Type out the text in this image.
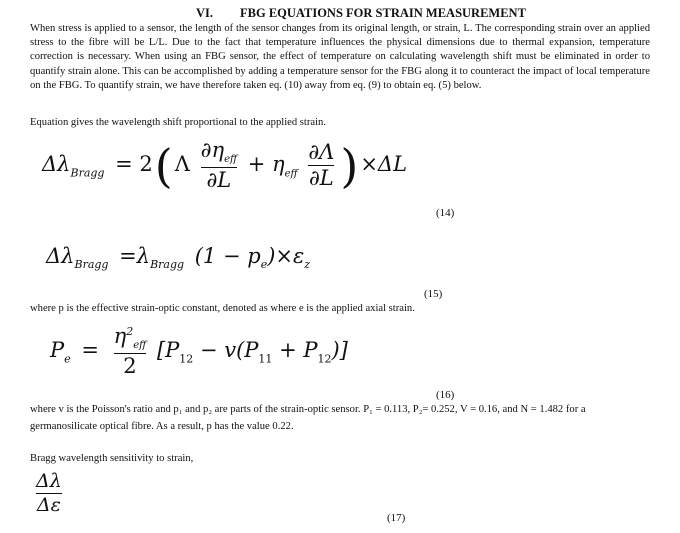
VI. FBG EQUATIONS FOR STRAIN MEASUREMENT
When stress is applied to a sensor, the length of the sensor changes from its original length, or strain, L. The corresponding strain over an applied stress to the fibre will be L/L. Due to the fact that temperature influences the physical dimensions due to thermal expansion, temperature correction is necessary. When using an FBG sensor, the effect of temperature on calculating wavelength shift must be eliminated in order to quantify strain alone. This can be accomplished by adding a temperature sensor for the FBG along it to counteract the impact of local temperature on the FBG. To quantify strain, we have therefore taken eq. (10) away from eq. (9) to obtain eq. (5) below.
Equation gives the wavelength shift proportional to the applied strain.
$\Delta\lambda_{Bragg} = 2(\Lambda \frac{\partial\eta_{eff}}{\partial L} + \eta_{eff} \frac{\partial\Lambda}{\partial L} )\times\Delta L$
(14)
$\Delta\lambda_{Bragg} =\lambda_{Bragg}$ $(1 - p_e)\times\varepsilon_z$
(15)
where p is the effective strain-optic constant, denoted as where e is the applied axial strain.
$P_e = \frac{\eta^2_{eff}}{2} [P_{12} - v(P_{11} + P_{12})]$
(16)
where v is the Poisson's ratio and p₁ and p₂ are parts of the strain-optic sensor. P₁ = 0.113, P₂= 0.252, V = 0.16, and N = 1.482 for a
germanosilicate optical fibre. As a result, p has the value 0.22.
Bragg wavelength sensitivity to strain,
$\frac{\Delta\lambda}{\Delta\varepsilon}$
(17)
